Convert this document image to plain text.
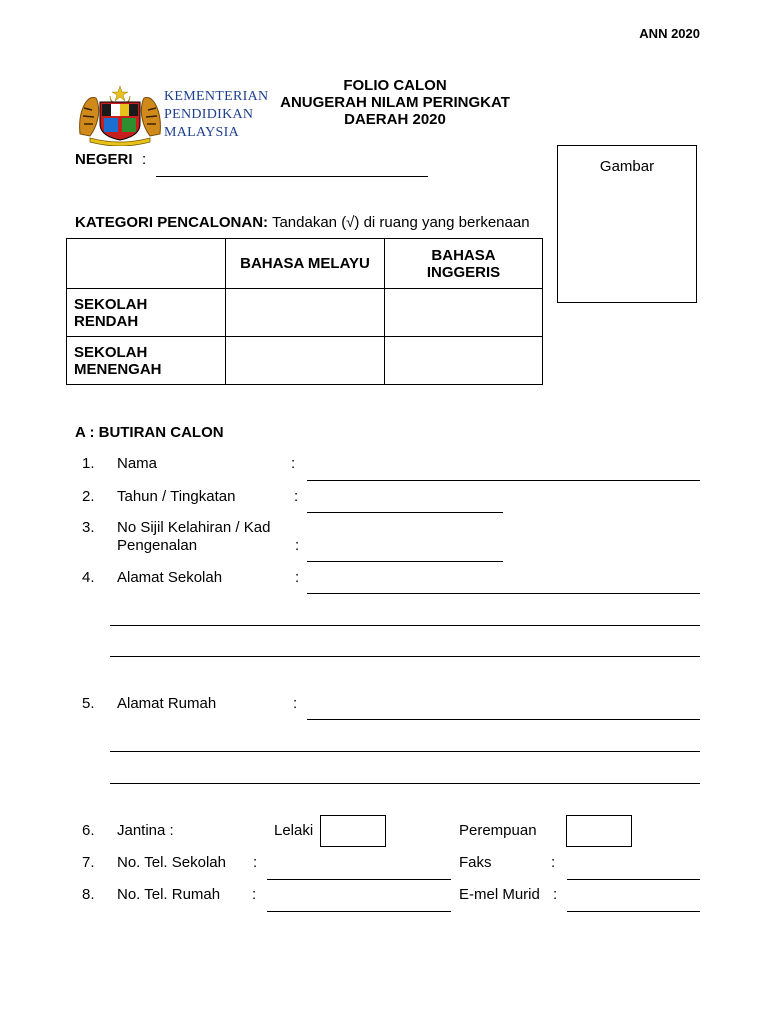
ANN 2020
KEMENTERIAN
PENDIDIKAN
MALAYSIA
FOLIO CALON
ANUGERAH NILAM PERINGKAT
DAERAH 2020
NEGERI :	Gambar
KATEGORI PENCALONAN: Tandakan (√) di ruang yang berkenaan
	BAHASA MELAYU	BAHASA INGGERIS

SEKOLAH RENDAH		

SEKOLAH MENENGAH		

A : BUTIRAN CALON
1. Nama	:
2. Tahun / Tingkatan	:
3. No Sijil Kelahiran / Kad
Pengenalan	:
4. Alamat Sekolah	:
5. Alamat Rumah	:
6. Jantina :	Lelaki	Perempuan
7. No. Tel. Sekolah :	Faks	:
8. No. Tel. Rumah :	E-mel Murid :
